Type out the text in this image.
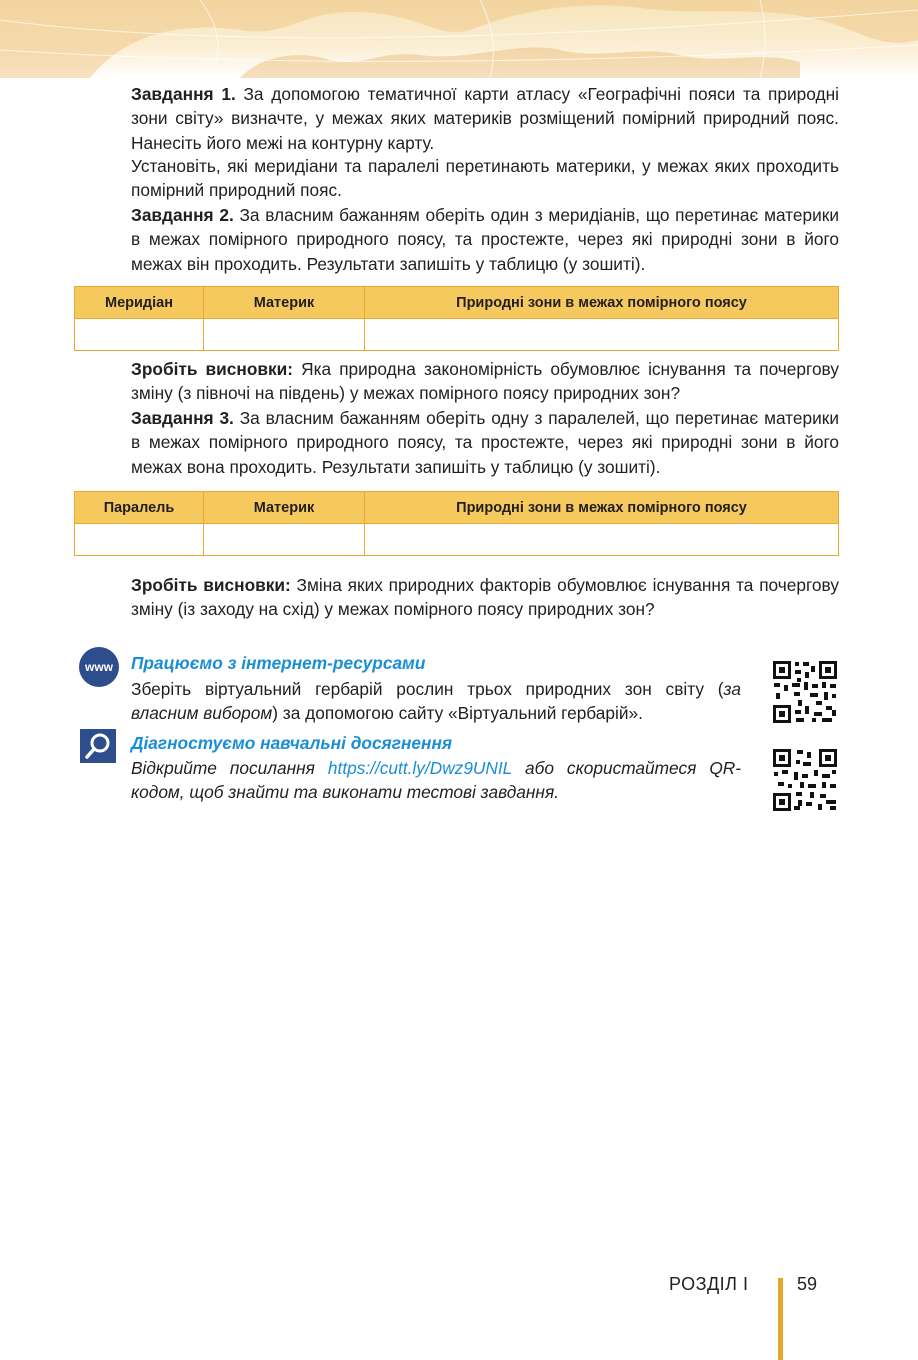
Завдання 1. За допомогою тематичної карти атласу «Географічні пояси та природні зони світу» визначте, у межах яких материків розміщений помірний природний пояс. Нанесіть його межі на контурну карту.

Установіть, які меридіани та паралелі перетинають материки, у межах яких проходить помірний природний пояс.

Завдання 2. За власним бажанням оберіть один з меридіанів, що перетинає материки в межах помірного природного поясу, та простежте, через які природні зони в його межах він проходить. Результати запишіть у таблицю (у зошиті).

Меридіан	Материк	Природні зони в межах помірного поясу

Зробіть висновки: Яка природна закономірність обумовлює існування та почергову зміну (з півночі на південь) у межах помірного поясу природних зон?

Завдання 3. За власним бажанням оберіть одну з паралелей, що перетинає материки в межах помірного природного поясу, та простежте, через які природні зони в його межах вона проходить. Результати запишіть у таблицю (у зошиті).

Паралель	Материк	Природні зони в межах помірного поясу

Зробіть висновки: Зміна яких природних факторів обумовлює існування та почергову зміну (із заходу на схід) у межах помірного поясу природних зон?

www	Працюємо з інтернет-ресурсами

Зберіть віртуальний гербарій рослин трьох природних зон світу (за власним вибором) за допомогою сайту «Віртуальний гербарій».

Діагностуємо навчальні досягнення

Відкрийте посилання https://cutt.ly/Dwz9UNIL або скористайтеся QR-кодом, щоб знайти та виконати тестові завдання.

РОЗДІЛ I	59
